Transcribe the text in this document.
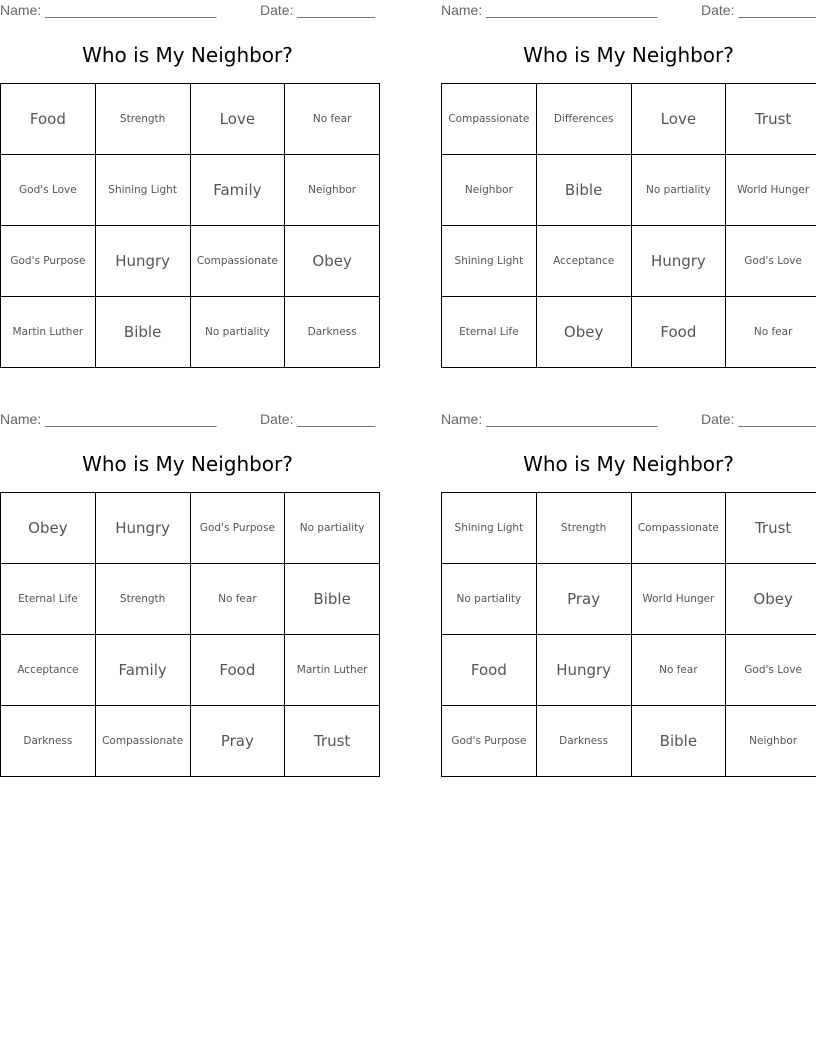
Name: ______________________	Date: __________
Who is My Neighbor?
Food	Strength	Love	No fear
God's Love	Shining Light	Family	Neighbor
God's Purpose	Hungry	Compassionate	Obey
Martin Luther	Bible	No partiality	Darkness
Name: ______________________	Date: __________
Who is My Neighbor?
Compassionate	Differences	Love	Trust
Neighbor	Bible	No partiality	World Hunger
Shining Light	Acceptance	Hungry	God's Love
Eternal Life	Obey	Food	No fear
Name: ______________________	Date: __________
Who is My Neighbor?
Obey	Hungry	God's Purpose	No partiality
Eternal Life	Strength	No fear	Bible
Acceptance	Family	Food	Martin Luther
Darkness	Compassionate	Pray	Trust
Name: ______________________	Date: __________
Who is My Neighbor?
Shining Light	Strength	Compassionate	Trust
No partiality	Pray	World Hunger	Obey
Food	Hungry	No fear	God's Love
God's Purpose	Darkness	Bible	Neighbor
